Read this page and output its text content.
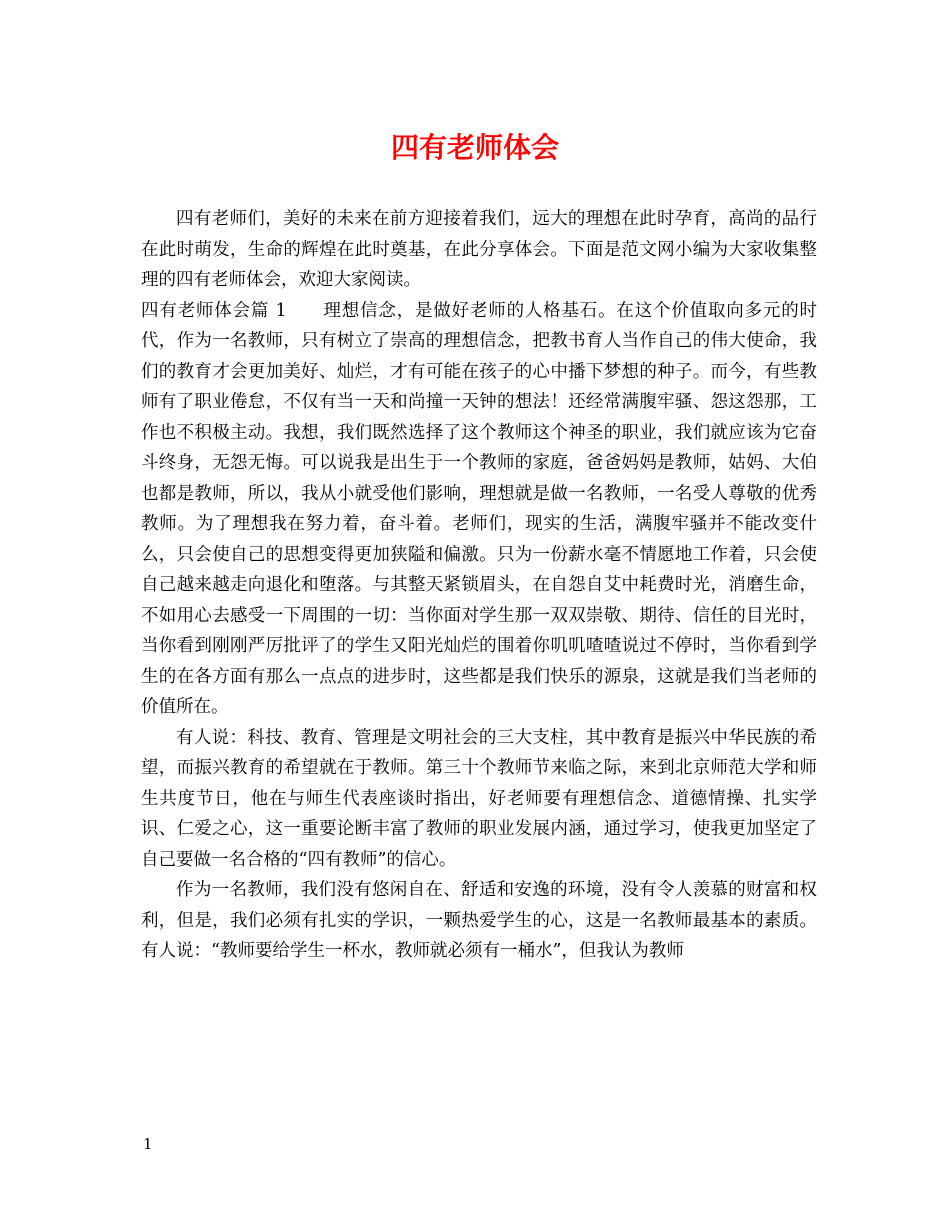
四有老师体会

四有老师们，美好的未来在前方迎接着我们，远大的理想在此时孕育，高尚的品行在此时萌发，生命的辉煌在此时奠基，在此分享体会。下面是范文网小编为大家收集整理的四有老师体会，欢迎大家阅读。

四有老师体会篇 1 理想信念，是做好老师的人格基石。在这个价值取向多元的时代，作为一名教师，只有树立了崇高的理想信念，把教书育人当作自己的伟大使命，我们的教育才会更加美好、灿烂，才有可能在孩子的心中播下梦想的种子。而今，有些教师有了职业倦怠，不仅有当一天和尚撞一天钟的想法！还经常满腹牢骚、怨这怨那，工作也不积极主动。我想，我们既然选择了这个教师这个神圣的职业，我们就应该为它奋斗终身，无怨无悔。可以说我是出生于一个教师的家庭，爸爸妈妈是教师，姑妈、大伯也都是教师，所以，我从小就受他们影响，理想就是做一名教师，一名受人尊敬的优秀教师。为了理想我在努力着，奋斗着。老师们，现实的生活，满腹牢骚并不能改变什么，只会使自己的思想变得更加狭隘和偏激。只为一份薪水毫不情愿地工作着，只会使自己越来越走向退化和堕落。与其整天紧锁眉头，在自怨自艾中耗费时光，消磨生命，不如用心去感受一下周围的一切：当你面对学生那一双双崇敬、期待、信任的目光时，当你看到刚刚严厉批评了的学生又阳光灿烂的围着你叽叽喳喳说过不停时，当你看到学生的在各方面有那么一点点的进步时，这些都是我们快乐的源泉，这就是我们当老师的价值所在。

有人说：科技、教育、管理是文明社会的三大支柱，其中教育是振兴中华民族的希望，而振兴教育的希望就在于教师。第三十个教师节来临之际，来到北京师范大学和师生共度节日，他在与师生代表座谈时指出，好老师要有理想信念、道德情操、扎实学识、仁爱之心，这一重要论断丰富了教师的职业发展内涵，通过学习，使我更加坚定了自己要做一名合格的“四有教师”的信心。

作为一名教师，我们没有悠闲自在、舒适和安逸的环境，没有令人羡慕的财富和权利，但是，我们必须有扎实的学识，一颗热爱学生的心，这是一名教师最基本的素质。有人说：“教师要给学生一杯水，教师就必须有一桶水”，但我认为教师

1
